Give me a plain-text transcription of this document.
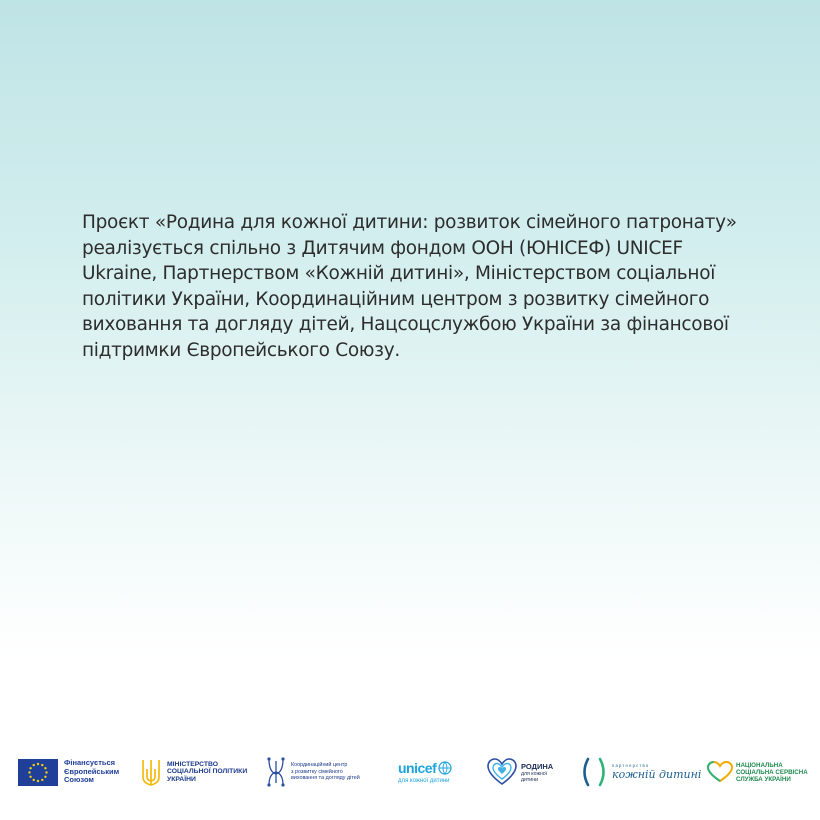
Проєкт «Родина для кожної дитини: розвиток сімейного патронату» реалізується спільно з Дитячим фондом ООН (ЮНІСЕФ) UNICEF Ukraine, Партнерством «Кожній дитині», Міністерством соціальної політики України, Координаційним центром з розвитку сімейного виховання та догляду дітей, Нацсоцслужбою України за фінансової підтримки Європейського Союзу.
Фінансується
Європейським
Союзом
МІНІСТЕРСТВО
СОЦІАЛЬНОЇ ПОЛІТИКИ
УКРАЇНИ
Координаційний центр
з розвитку сімейного
виховання та догляду дітей
unicef
для кожної дитини
РОДИНА
для кожної
дитини
партнерство
кожній дитині
НАЦІОНАЛЬНА
СОЦІАЛЬНА СЕРВІСНА
СЛУЖБА УКРАЇНИ
